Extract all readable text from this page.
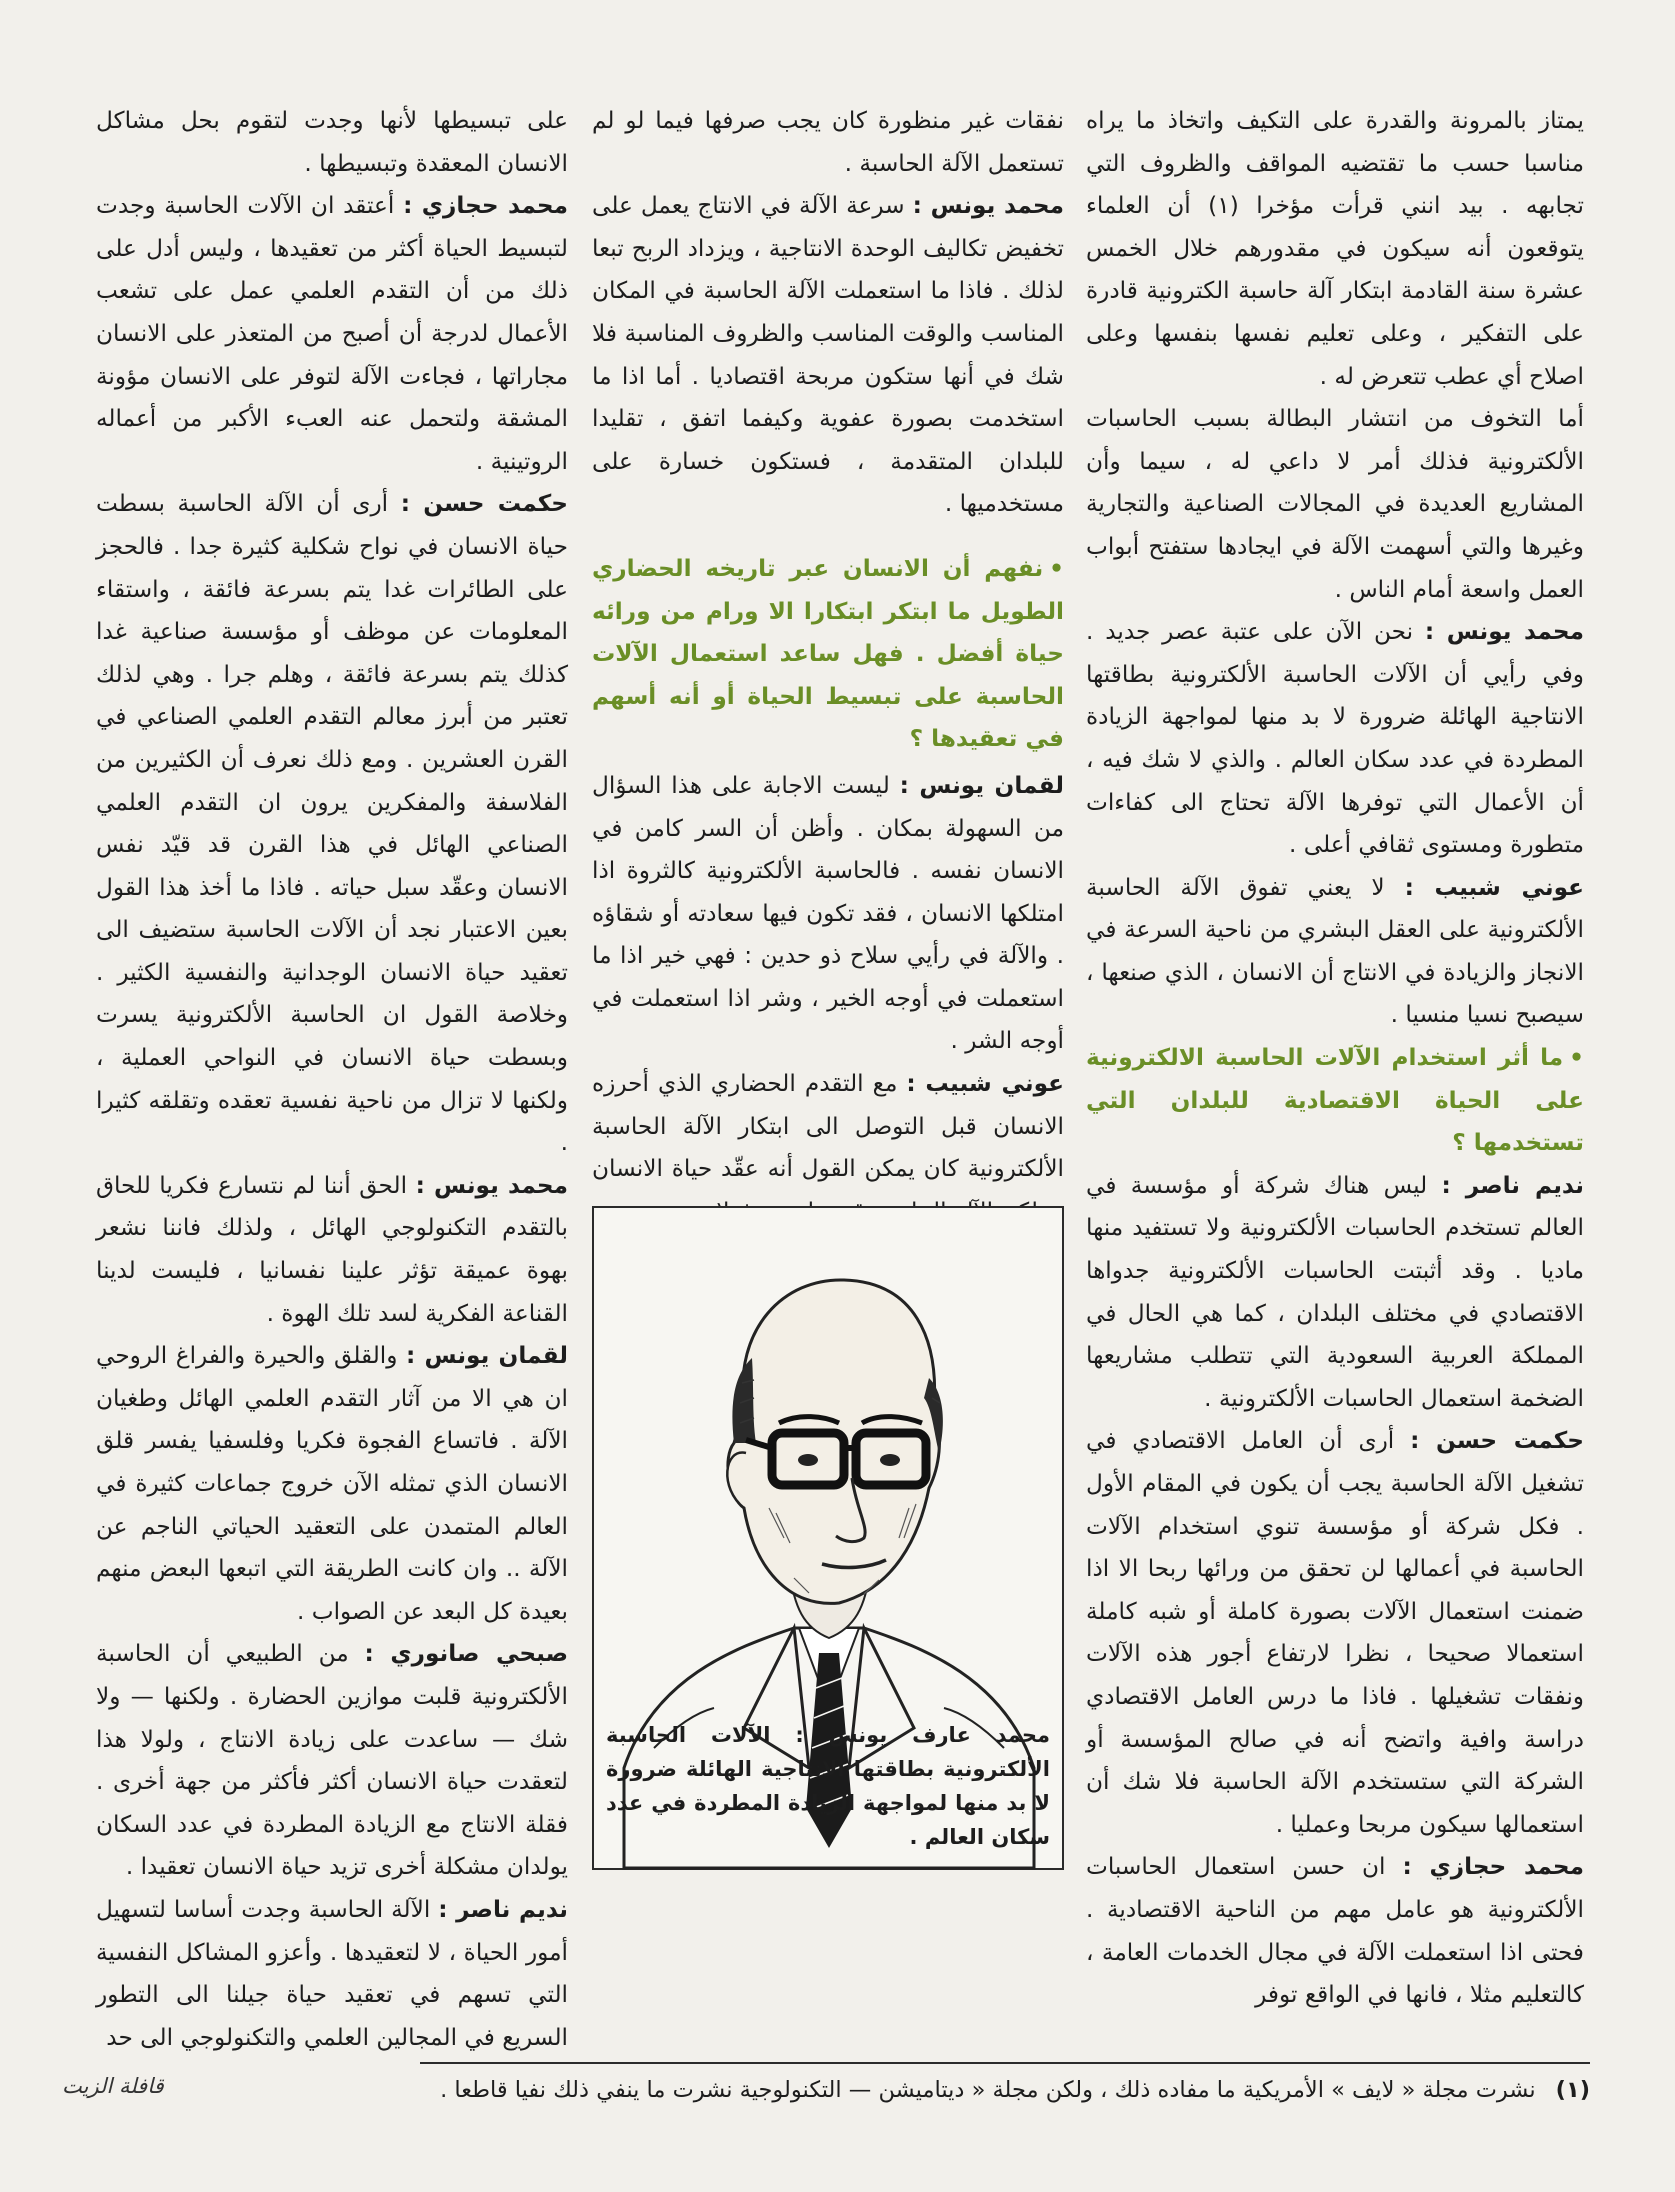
يمتاز بالمرونة والقدرة على التكيف واتخاذ ما يراه مناسبا حسب ما تقتضيه المواقف والظروف التي تجابهه . بيد انني قرأت مؤخرا (١) أن العلماء يتوقعون أنه سيكون في مقدورهم خلال الخمس عشرة سنة القادمة ابتكار آلة حاسبة الكترونية قادرة على التفكير ، وعلى تعليم نفسها بنفسها وعلى اصلاح أي عطب تتعرض له .

أما التخوف من انتشار البطالة بسبب الحاسبات الألكترونية فذلك أمر لا داعي له ، سيما وأن المشاريع العديدة في المجالات الصناعية والتجارية وغيرها والتي أسهمت الآلة في ايجادها ستفتح أبواب العمل واسعة أمام الناس .

محمد يونس : نحن الآن على عتبة عصر جديد . وفي رأيي أن الآلات الحاسبة الألكترونية بطاقتها الانتاجية الهائلة ضرورة لا بد منها لمواجهة الزيادة المطردة في عدد سكان العالم . والذي لا شك فيه ، أن الأعمال التي توفرها الآلة تحتاج الى كفاءات متطورة ومستوى ثقافي أعلى .

عوني شبيب : لا يعني تفوق الآلة الحاسبة الألكترونية على العقل البشري من ناحية السرعة في الانجاز والزيادة في الانتاج أن الانسان ، الذي صنعها ، سيصبح نسيا منسيا .

•ما أثر استخدام الآلات الحاسبة الالكترونية على الحياة الاقتصادية للبلدان التي تستخدمها ؟

نديم ناصر : ليس هناك شركة أو مؤسسة في العالم تستخدم الحاسبات الألكترونية ولا تستفيد منها ماديا . وقد أثبتت الحاسبات الألكترونية جدواها الاقتصادي في مختلف البلدان ، كما هي الحال في المملكة العربية السعودية التي تتطلب مشاريعها الضخمة استعمال الحاسبات الألكترونية .

حكمت حسن : أرى أن العامل الاقتصادي في تشغيل الآلة الحاسبة يجب أن يكون في المقام الأول . فكل شركة أو مؤسسة تنوي استخدام الآلات الحاسبة في أعمالها لن تحقق من ورائها ربحا الا اذا ضمنت استعمال الآلات بصورة كاملة أو شبه كاملة استعمالا صحيحا ، نظرا لارتفاع أجور هذه الآلات ونفقات تشغيلها . فاذا ما درس العامل الاقتصادي دراسة وافية واتضح أنه في صالح المؤسسة أو الشركة التي ستستخدم الآلة الحاسبة فلا شك أن استعمالها سيكون مربحا وعمليا .

محمد حجازي : ان حسن استعمال الحاسبات الألكترونية هو عامل مهم من الناحية الاقتصادية . فحتى اذا استعملت الآلة في مجال الخدمات العامة ، كالتعليم مثلا ، فانها في الواقع توفر

نفقات غير منظورة كان يجب صرفها فيما لو لم تستعمل الآلة الحاسبة .

محمد يونس : سرعة الآلة في الانتاج يعمل على تخفيض تكاليف الوحدة الانتاجية ، ويزداد الربح تبعا لذلك . فاذا ما استعملت الآلة الحاسبة في المكان المناسب والوقت المناسب والظروف المناسبة فلا شك في أنها ستكون مربحة اقتصاديا . أما اذا ما استخدمت بصورة عفوية وكيفما اتفق ، تقليدا للبلدان المتقدمة ، فستكون خسارة على مستخدميها .

•نفهم أن الانسان عبر تاريخه الحضاري الطويل ما ابتكر ابتكارا الا ورام من ورائه حياة أفضل . فهل ساعد استعمال الآلات الحاسبة على تبسيط الحياة أو أنه أسهم في تعقيدها ؟

لقمان يونس : ليست الاجابة على هذا السؤال من السهولة بمكان . وأظن أن السر كامن في الانسان نفسه . فالحاسبة الألكترونية كالثروة اذا امتلكها الانسان ، فقد تكون فيها سعادته أو شقاؤه . والآلة في رأيي سلاح ذو حدين : فهي خير اذا ما استعملت في أوجه الخير ، وشر اذا استعملت في أوجه الشر .

عوني شبيب : مع التقدم الحضاري الذي أحرزه الانسان قبل التوصل الى ابتكار الآلة الحاسبة الألكترونية كان يمكن القول أنه عقّد حياة الانسان

محمد عارف يونس : الآلات الحاسبة الألكترونية بطاقتها الانتاجية الهائلة ضرورة لا بد منها لمواجهة الزيادة المطردة في عدد سكان العالم .

على تبسيطها لأنها وجدت لتقوم بحل مشاكل الانسان المعقدة وتبسيطها .

محمد حجازي : أعتقد ان الآلات الحاسبة وجدت لتبسيط الحياة أكثر من تعقيدها ، وليس أدل على ذلك من أن التقدم العلمي عمل على تشعب الأعمال لدرجة أن أصبح من المتعذر على الانسان مجاراتها ، فجاءت الآلة لتوفر على الانسان مؤونة المشقة ولتحمل عنه العبء الأكبر من أعماله الروتينية .

حكمت حسن : أرى أن الآلة الحاسبة بسطت حياة الانسان في نواح شكلية كثيرة جدا . فالحجز على الطائرات غدا يتم بسرعة فائقة ، واستقاء المعلومات عن موظف أو مؤسسة صناعية غدا كذلك يتم بسرعة فائقة ، وهلم جرا . وهي لذلك تعتبر من أبرز معالم التقدم العلمي الصناعي في القرن العشرين . ومع ذلك نعرف أن الكثيرين من الفلاسفة والمفكرين يرون ان التقدم العلمي الصناعي الهائل في هذا القرن قد قيّد نفس الانسان وعقّد سبل حياته . فاذا ما أخذ هذا القول بعين الاعتبار نجد أن الآلات الحاسبة ستضيف الى تعقيد حياة الانسان الوجدانية والنفسية الكثير . وخلاصة القول ان الحاسبة الألكترونية يسرت وبسطت حياة الانسان في النواحي العملية ، ولكنها لا تزال من ناحية نفسية تعقده وتقلقه كثيرا .

محمد يونس : الحق أننا لم نتسارع فكريا للحاق بالتقدم التكنولوجي الهائل ، ولذلك فاننا نشعر بهوة عميقة تؤثر علينا نفسانيا ، فليست لدينا القناعة الفكرية لسد تلك الهوة .

لقمان يونس : والقلق والحيرة والفراغ الروحي ان هي الا من آثار التقدم العلمي الهائل وطغيان الآلة . فاتساع الفجوة فكريا وفلسفيا يفسر قلق الانسان الذي تمثله الآن خروج جماعات كثيرة في العالم المتمدن على التعقيد الحياتي الناجم عن الآلة .. وان كانت الطريقة التي اتبعها البعض منهم بعيدة كل البعد عن الصواب .

صبحي صانوري : من الطبيعي أن الحاسبة الألكترونية قلبت موازين الحضارة . ولكنها — ولا شك — ساعدت على زيادة الانتاج ، ولولا هذا لتعقدت حياة الانسان أكثر فأكثر من جهة أخرى . فقلة الانتاج مع الزيادة المطردة في عدد السكان يولدان مشكلة أخرى تزيد حياة الانسان تعقيدا .

نديم ناصر : الآلة الحاسبة وجدت أساسا لتسهيل أمور الحياة ، لا لتعقيدها . وأعزو المشاكل النفسية التي تسهم في تعقيد حياة جيلنا الى التطور السريع في المجالين العلمي والتكنولوجي الى حد

(١)نشرت مجلة « لايف » الأمريكية ما مفاده ذلك ، ولكن مجلة « ديتاميشن — التكنولوجية نشرت ما ينفي ذلك نفيا قاطعا .
قافلة الزيت
